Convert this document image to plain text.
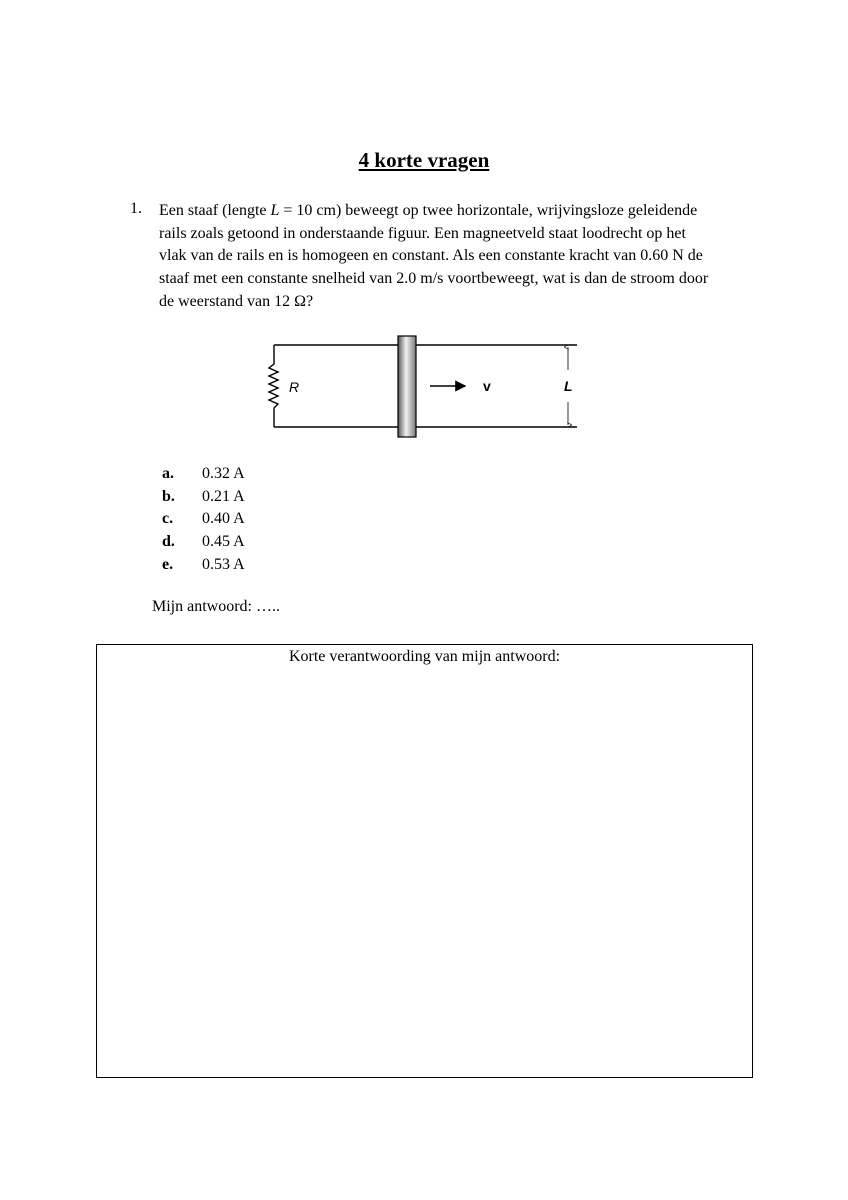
4 korte vragen
1. Een staaf (lengte L = 10 cm) beweegt op twee horizontale, wrijvingsloze geleidende
rails zoals getoond in onderstaande figuur. Een magneetveld staat loodrecht op het
vlak van de rails en is homogeen en constant. Als een constante kracht van 0.60 N de
staaf met een constante snelheid van 2.0 m/s voortbeweegt, wat is dan de stroom door
de weerstand van 12 Ω?
R	v	L
a.	0.32 A
b.	0.21 A
c.	0.40 A
d.	0.45 A
e.	0.53 A
Mijn antwoord: …..
Korte verantwoording van mijn antwoord:
